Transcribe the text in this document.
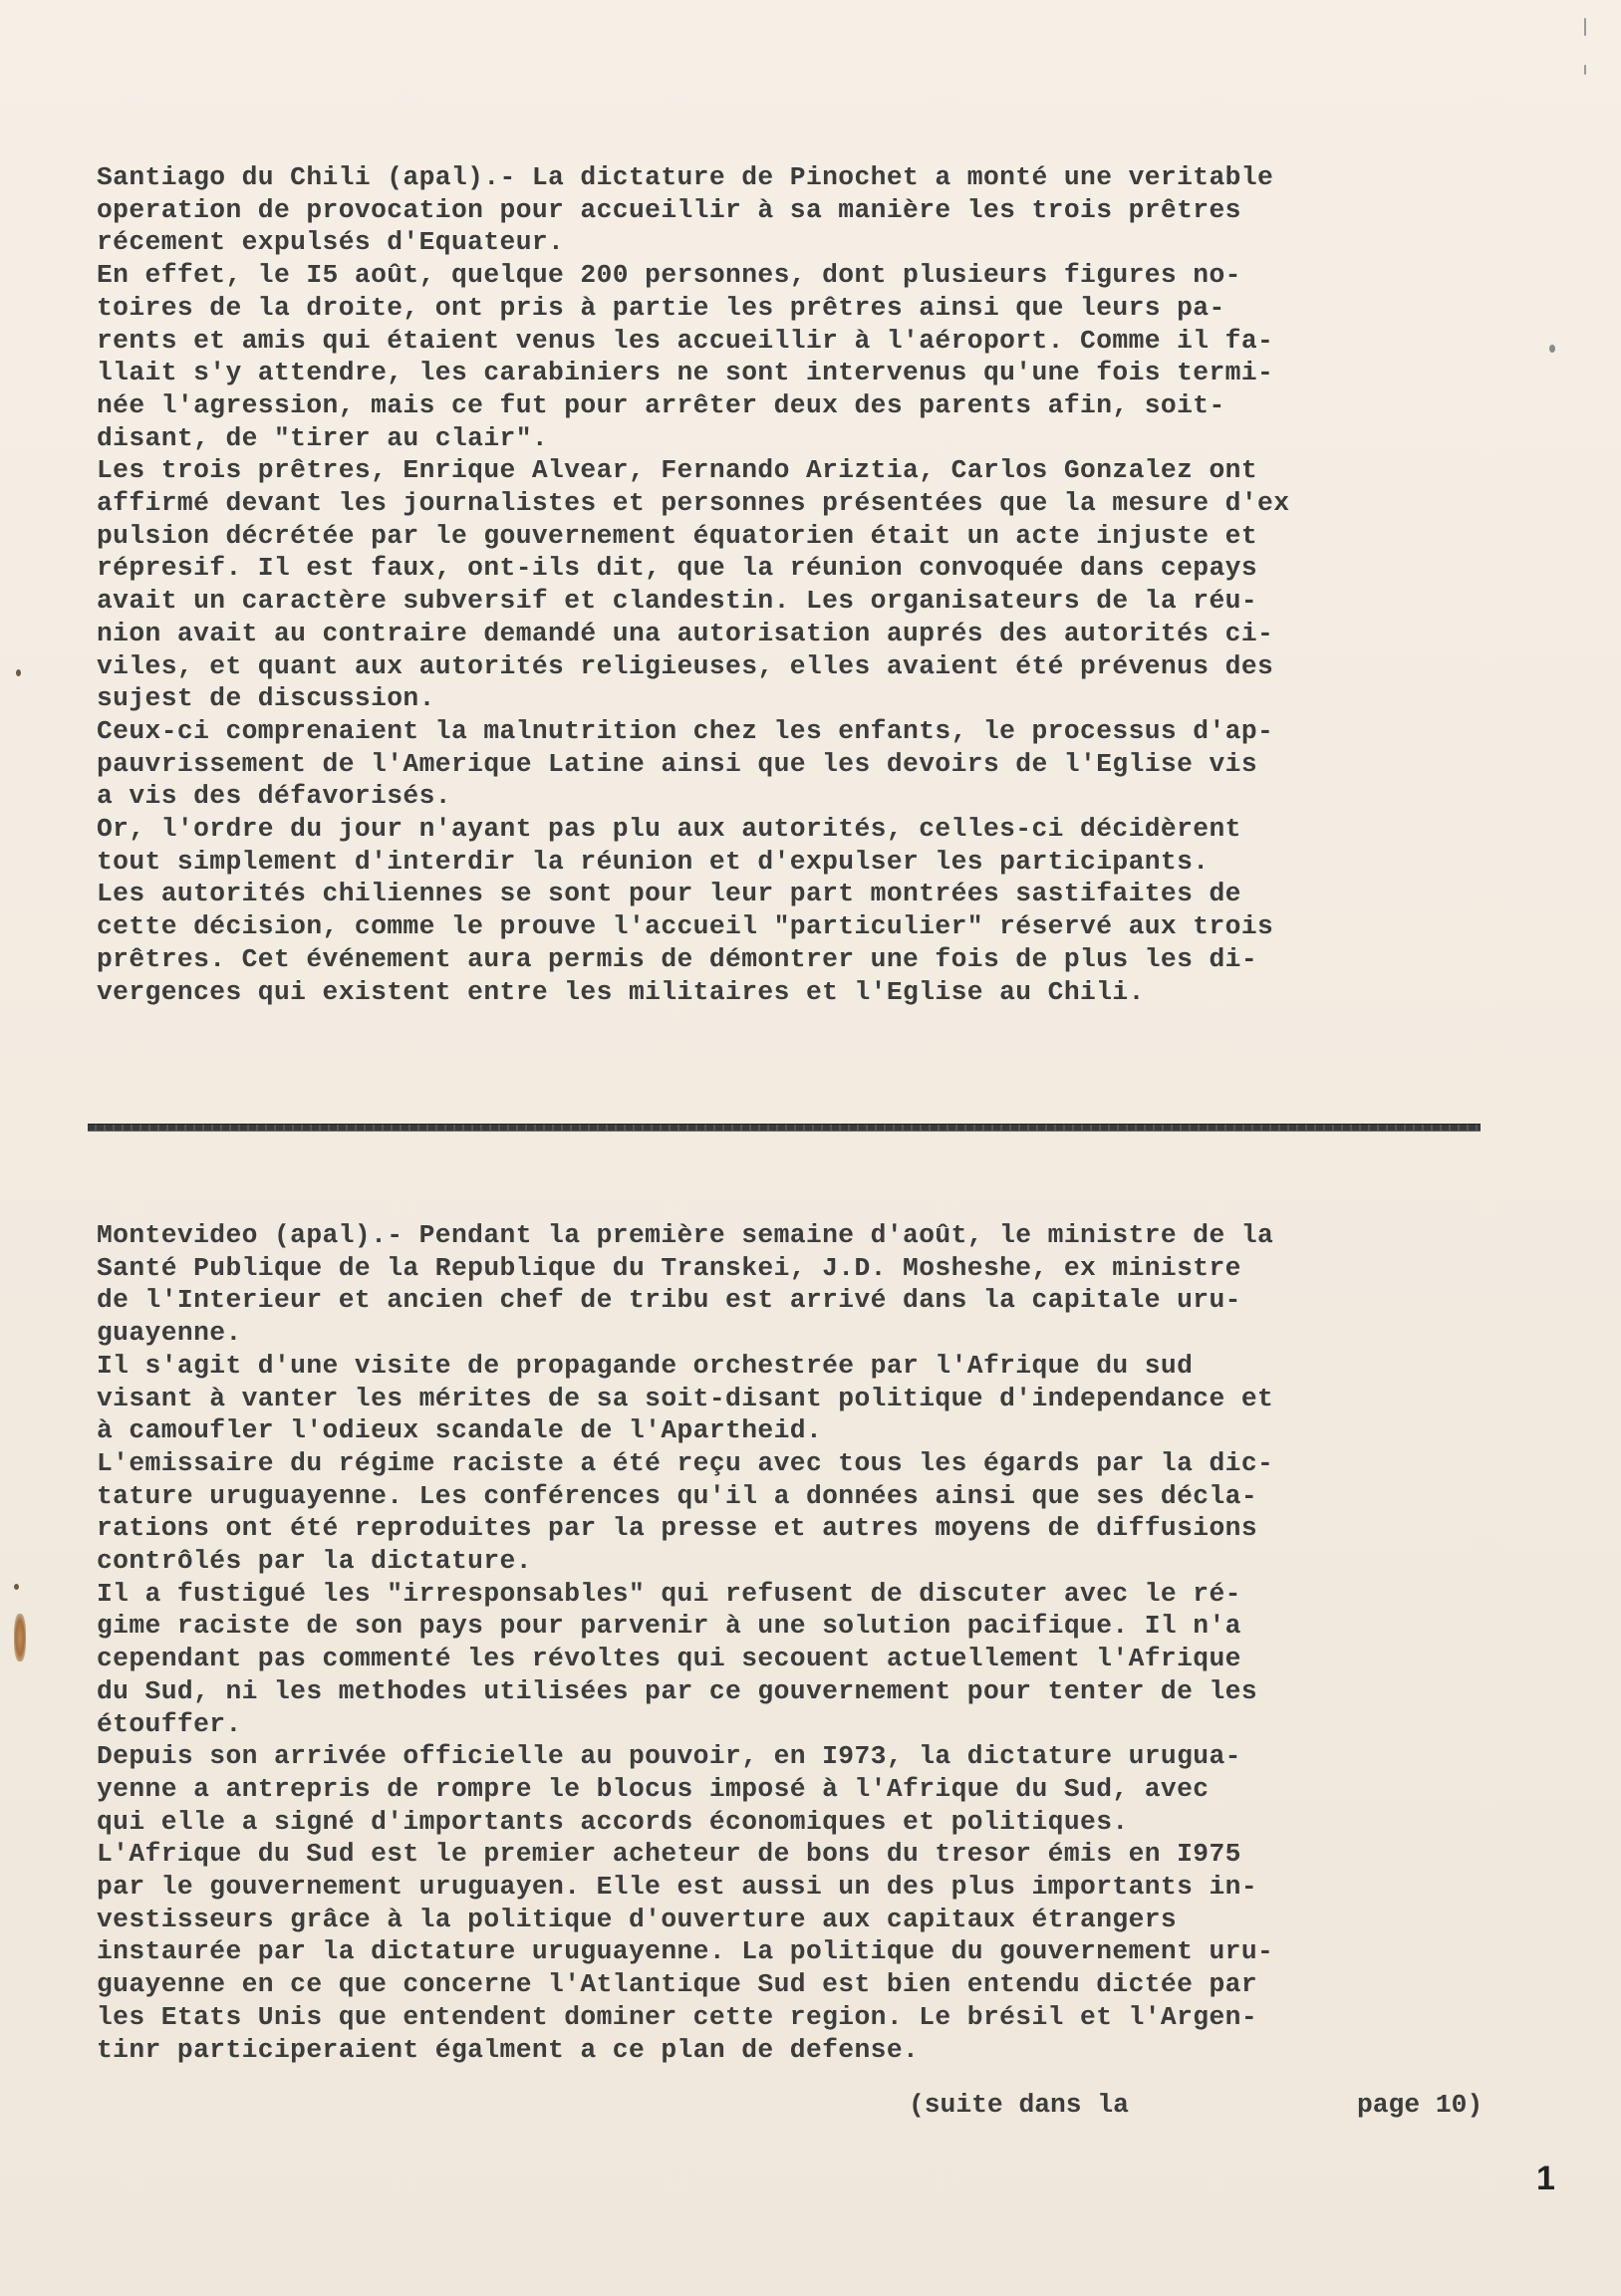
Santiago du Chili (apal).- La dictature de Pinochet a monté une veritable
operation de provocation pour accueillir à sa manière les trois prêtres
récement expulsés d'Equateur.
En effet, le I5 août, quelque 200 personnes, dont plusieurs figures no-
toires de la droite, ont pris à partie les prêtres ainsi que leurs pa-
rents et amis qui étaient venus les accueillir à l'aéroport. Comme il fa-
llait s'y attendre, les carabiniers ne sont intervenus qu'une fois termi-
née l'agression, mais ce fut pour arrêter deux des parents afin, soit-
disant, de "tirer au clair".
Les trois prêtres, Enrique Alvear, Fernando Ariztia, Carlos Gonzalez ont
affirmé devant les journalistes et personnes présentées que la mesure d'ex
pulsion décrétée par le gouvernement équatorien était un acte injuste et
répresif. Il est faux, ont-ils dit, que la réunion convoquée dans cepays
avait un caractère subversif et clandestin. Les organisateurs de la réu-
nion avait au contraire demandé una autorisation auprés des autorités ci-
viles, et quant aux autorités religieuses, elles avaient été prévenus des
sujest de discussion.
Ceux-ci comprenaient la malnutrition chez les enfants, le processus d'ap-
pauvrissement de l'Amerique Latine ainsi que les devoirs de l'Eglise vis
a vis des défavorisés.
Or, l'ordre du jour n'ayant pas plu aux autorités, celles-ci décidèrent
tout simplement d'interdir la réunion et d'expulser les participants.
Les autorités chiliennes se sont pour leur part montrées sastifaites de
cette décision, comme le prouve l'accueil "particulier" réservé aux trois
prêtres. Cet événement aura permis de démontrer une fois de plus les di-
vergences qui existent entre les militaires et l'Eglise au Chili.
Montevideo (apal).- Pendant la première semaine d'août, le ministre de la
Santé Publique de la Republique du Transkei, J.D. Mosheshe, ex ministre
de l'Interieur et ancien chef de tribu est arrivé dans la capitale uru-
guayenne.
Il s'agit d'une visite de propagande orchestrée par l'Afrique du sud
visant à vanter les mérites de sa soit-disant politique d'independance et
à camoufler l'odieux scandale de l'Apartheid.
L'emissaire du régime raciste a été reçu avec tous les égards par la dic-
tature uruguayenne. Les conférences qu'il a données ainsi que ses décla-
rations ont été reproduites par la presse et autres moyens de diffusions
contrôlés par la dictature.
Il a fustigué les "irresponsables" qui refusent de discuter avec le ré-
gime raciste de son pays pour parvenir à une solution pacifique. Il n'a
cependant pas commenté les révoltes qui secouent actuellement l'Afrique
du Sud, ni les methodes utilisées par ce gouvernement pour tenter de les
étouffer.
Depuis son arrivée officielle au pouvoir, en I973, la dictature urugua-
yenne a antrepris de rompre le blocus imposé à l'Afrique du Sud, avec
qui elle a signé d'importants accords économiques et politiques.
L'Afrique du Sud est le premier acheteur de bons du tresor émis en I975
par le gouvernement uruguayen. Elle est aussi un des plus importants in-
vestisseurs grâce à la politique d'ouverture aux capitaux étrangers
instaurée par la dictature uruguayenne. La politique du gouvernement uru-
guayenne en ce que concerne l'Atlantique Sud est bien entendu dictée par
les Etats Unis que entendent dominer cette region. Le brésil et l'Argen-
tinr participeraient égalment a ce plan de defense.
(suite dans la	page 10)
1
